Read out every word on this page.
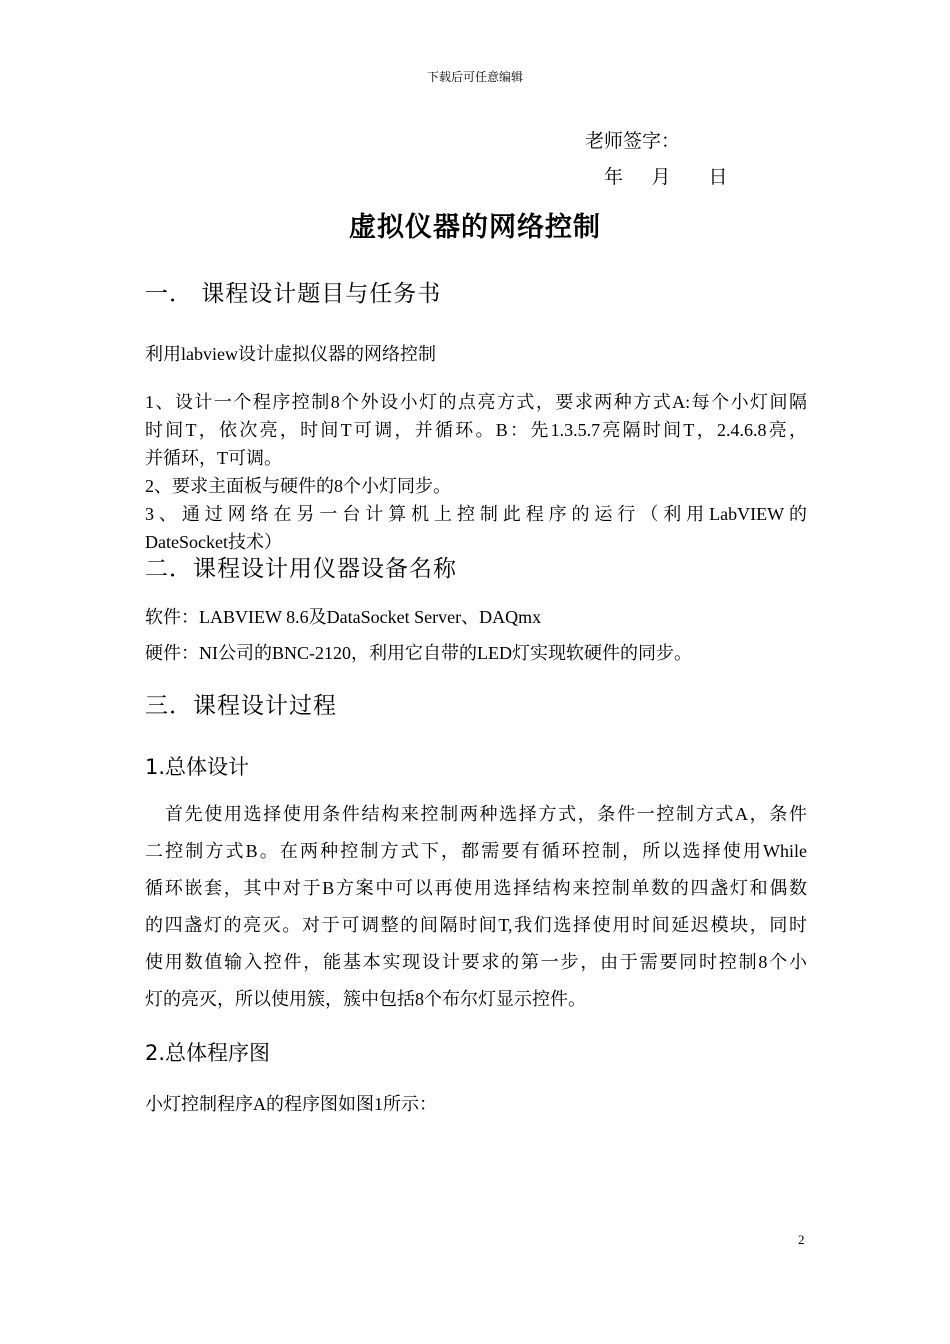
下载后可任意编辑
老师签字：
年      月        日
虚拟仪器的网络控制
一． 课程设计题目与任务书
利用labview设计虚拟仪器的网络控制
1、设计一个程序控制8个外设小灯的点亮方式，要求两种方式A:每个小灯间隔
时间T，依次亮，时间T可调，并循环。B：先1.3.5.7亮隔时间T，2.4.6.8亮，
并循环，T可调。
2、要求主面板与硬件的8个小灯同步。
3、通过网络在另一台计算机上控制此程序的运行（利用LabVIEW的
DateSocket技术）
二．课程设计用仪器设备名称
软件：LABVIEW 8.6及DataSocket Server、DAQmx
硬件：NI公司的BNC-2120，利用它自带的LED灯实现软硬件的同步。
三．课程设计过程
1.总体设计
首先使用选择使用条件结构来控制两种选择方式，条件一控制方式A，条件
二控制方式B。在两种控制方式下，都需要有循环控制，所以选择使用While
循环嵌套，其中对于B方案中可以再使用选择结构来控制单数的四盏灯和偶数
的四盏灯的亮灭。对于可调整的间隔时间T,我们选择使用时间延迟模块，同时
使用数值输入控件，能基本实现设计要求的第一步，由于需要同时控制8个小
灯的亮灭，所以使用簇，簇中包括8个布尔灯显示控件。
2.总体程序图
小灯控制程序A的程序图如图1所示：
2
